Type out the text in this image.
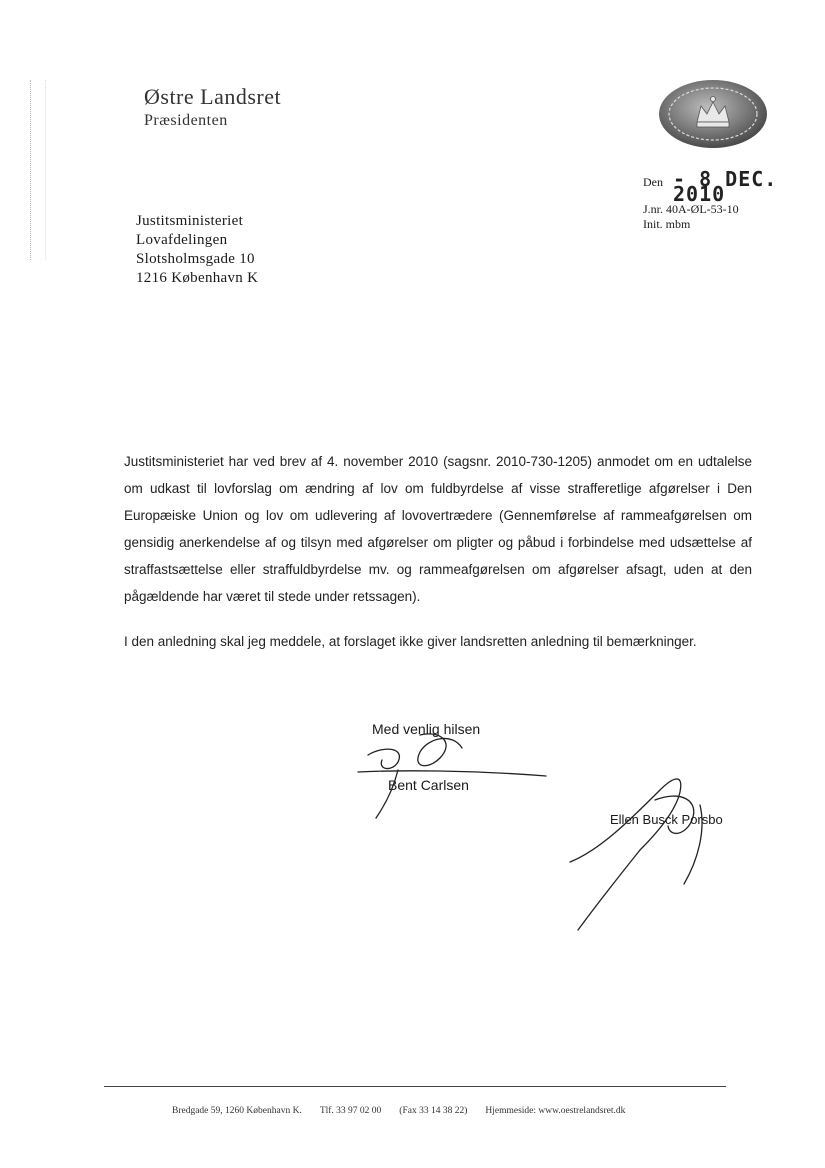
Østre Landsret
Præsidenten
Den - 8 DEC. 2010
J.nr. 40A-ØL-53-10
Init. mbm
Justitsministeriet
Lovafdelingen
Slotsholmsgade 10
1216 København K

Justitsministeriet har ved brev af 4. november 2010 (sagsnr. 2010-730-1205) anmodet om en udtalelse om udkast til lovforslag om ændring af lov om fuldbyrdelse af visse strafferetlige afgørelser i Den Europæiske Union og lov om udlevering af lovovertrædere (Gennemførelse af rammeafgørelsen om gensidig anerkendelse af og tilsyn med afgørelser om pligter og påbud i forbindelse med udsættelse af straffastsættelse eller straffuldbyrdelse mv. og rammeafgørelsen om afgørelser afsagt, uden at den pågældende har været til stede under retssagen).

I den anledning skal jeg meddele, at forslaget ikke giver landsretten anledning til bemærkninger.

Med venlig hilsen
Bent Carlsen
Ellen Busck Porsbo
Bredgade 59, 1260 København K. Tlf. 33 97 02 00 (Fax 33 14 38 22) Hjemmeside: www.oestrelandsret.dk
